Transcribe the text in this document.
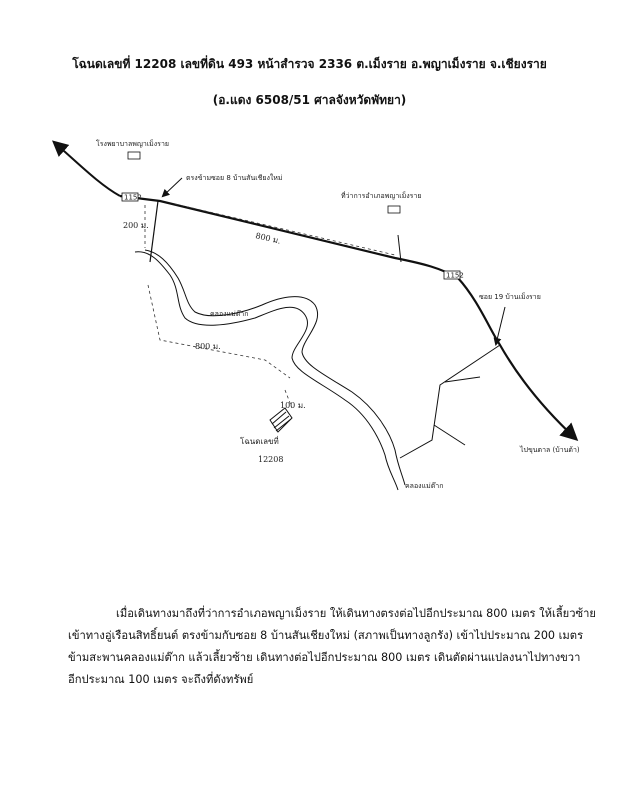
โฉนดเลขที่ 12208 เลขที่ดิน 493 หน้าสำรวจ 2336 ต.เม็งราย อ.พญาเม็งราย จ.เชียงราย
(อ.แดง 6508/51 ศาลจังหวัดพัทยา)
1152
1152
โรงพยาบาลพญาเม็งราย
ตรงข้ามซอย 8 บ้านสันเชียงใหม่
ที่ว่าการอำเภอพญาเม็งราย
ซอย 19 บ้านเม็งราย
ไปขุนตาล (บ้านต้า)
คลองแม่ต๊าก
คลองแม่ต๊าก
800 ม.
200 ม.
800 ม.
100 ม.
โฉนดเลขที่
12208

เมื่อเดินทางมาถึงที่ว่าการอำเภอพญาเม็งราย ให้เดินทางตรงต่อไปอีกประมาณ 800 เมตร ให้เลี้ยวซ้าย

เข้าทางอู่เรือนสิทธิ์ยนต์ ตรงข้ามกับซอย 8 บ้านสันเชียงใหม่ (สภาพเป็นทางลูกรัง) เข้าไปประมาณ 200 เมตร

ข้ามสะพานคลองแม่ต๊าก แล้วเลี้ยวซ้าย เดินทางต่อไปอีกประมาณ 800 เมตร เดินตัดผ่านแปลงนาไปทางขวา

อีกประมาณ 100 เมตร จะถึงที่ดังทรัพย์
